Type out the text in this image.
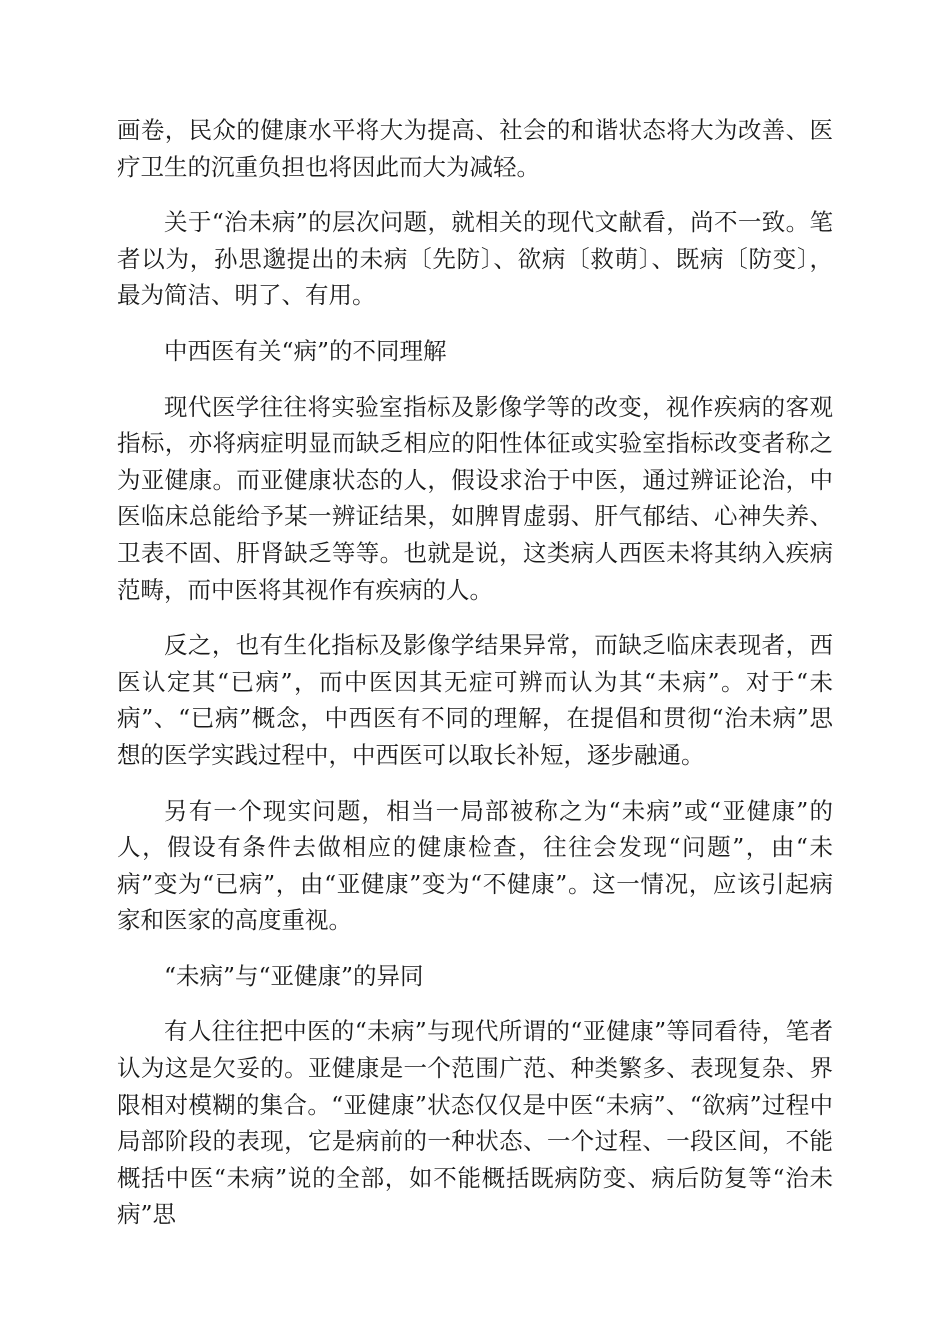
画卷，民众的健康水平将大为提高、社会的和谐状态将大为改善、医疗卫生的沉重负担也将因此而大为减轻。

关于“治未病”的层次问题，就相关的现代文献看，尚不一致。笔者以为，孙思邈提出的未病〔先防〕、欲病〔救萌〕、既病〔防变〕，最为简洁、明了、有用。

中西医有关“病”的不同理解

现代医学往往将实验室指标及影像学等的改变，视作疾病的客观指标，亦将病症明显而缺乏相应的阳性体征或实验室指标改变者称之为亚健康。而亚健康状态的人，假设求治于中医，通过辨证论治，中医临床总能给予某一辨证结果，如脾胃虚弱、肝气郁结、心神失养、卫表不固、肝肾缺乏等等。也就是说，这类病人西医未将其纳入疾病范畴，而中医将其视作有疾病的人。

反之，也有生化指标及影像学结果异常，而缺乏临床表现者，西医认定其“已病”，而中医因其无症可辨而认为其“未病”。对于“未病”、“已病”概念，中西医有不同的理解，在提倡和贯彻“治未病”思想的医学实践过程中，中西医可以取长补短，逐步融通。

另有一个现实问题，相当一局部被称之为“未病”或“亚健康”的人，假设有条件去做相应的健康检查，往往会发现“问题”，由“未病”变为“已病”，由“亚健康”变为“不健康”。这一情况，应该引起病家和医家的高度重视。

“未病”与“亚健康”的异同

有人往往把中医的“未病”与现代所谓的“亚健康”等同看待，笔者认为这是欠妥的。亚健康是一个范围广范、种类繁多、表现复杂、界限相对模糊的集合。“亚健康”状态仅仅是中医“未病”、“欲病”过程中局部阶段的表现，它是病前的一种状态、一个过程、一段区间，不能概括中医“未病”说的全部，如不能概括既病防变、病后防复等“治未病”思
